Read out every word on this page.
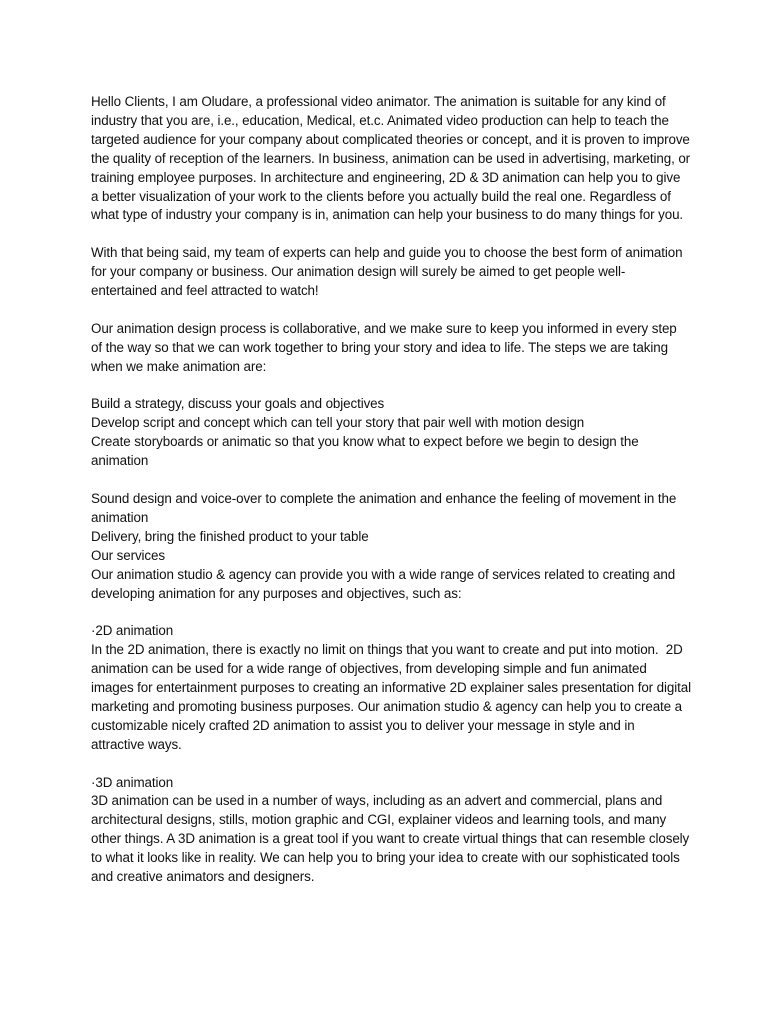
Hello Clients, I am Oludare, a professional video animator. The animation is suitable for any kind of industry that you are, i.e., education, Medical, et.c. Animated video production can help to teach the targeted audience for your company about complicated theories or concept, and it is proven to improve the quality of reception of the learners. In business, animation can be used in advertising, marketing, or training employee purposes. In architecture and engineering, 2D & 3D animation can help you to give a better visualization of your work to the clients before you actually build the real one. Regardless of what type of industry your company is in, animation can help your business to do many things for you.

With that being said, my team of experts can help and guide you to choose the best form of animation for your company or business. Our animation design will surely be aimed to get people well-entertained and feel attracted to watch!

Our animation design process is collaborative, and we make sure to keep you informed in every step of the way so that we can work together to bring your story and idea to life. The steps we are taking when we make animation are:

Build a strategy, discuss your goals and objectives

Develop script and concept which can tell your story that pair well with motion design

Create storyboards or animatic so that you know what to expect before we begin to design the animation

Sound design and voice-over to complete the animation and enhance the feeling of movement in the animation

Delivery, bring the finished product to your table

Our services

Our animation studio & agency can provide you with a wide range of services related to creating and developing animation for any purposes and objectives, such as:

·2D animation

In the 2D animation, there is exactly no limit on things that you want to create and put into motion.  2D animation can be used for a wide range of objectives, from developing simple and fun animated images for entertainment purposes to creating an informative 2D explainer sales presentation for digital marketing and promoting business purposes. Our animation studio & agency can help you to create a customizable nicely crafted 2D animation to assist you to deliver your message in style and in attractive ways.

·3D animation

3D animation can be used in a number of ways, including as an advert and commercial, plans and architectural designs, stills, motion graphic and CGI, explainer videos and learning tools, and many other things. A 3D animation is a great tool if you want to create virtual things that can resemble closely to what it looks like in reality. We can help you to bring your idea to create with our sophisticated tools and creative animators and designers.
